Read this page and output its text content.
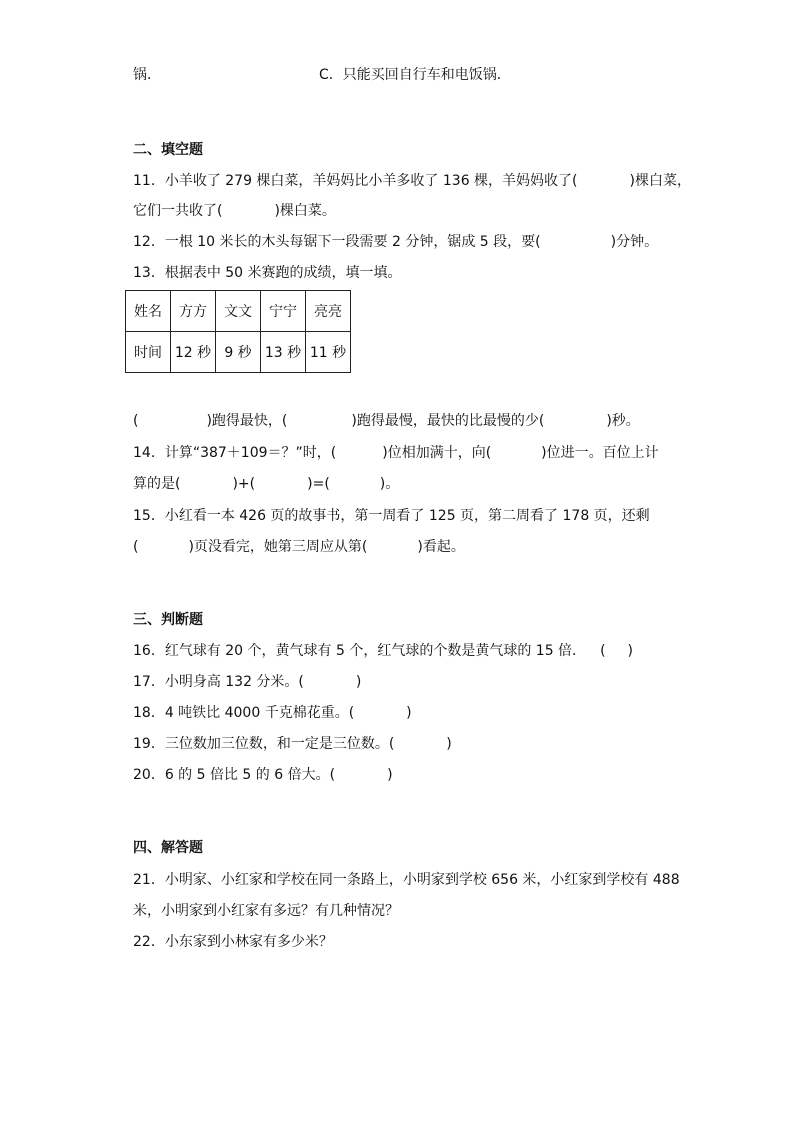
锅．	C．只能买回自行车和电饭锅．
二、填空题
11．小羊收了 279 棵白菜，羊妈妈比小羊多收了 136 棵，羊妈妈收了(	)棵白菜，
它们一共收了(	)棵白菜。
12．一根 10 米长的木头每锯下一段需要 2 分钟，锯成 5 段，要(	)分钟。
13．根据表中 50 米赛跑的成绩，填一填。
姓名	方方	文文	宁宁	亮亮
时间	12 秒	9 秒	13 秒	11 秒
(	)跑得最快，(	)跑得最慢，最快的比最慢的少(	)秒。
14．计算“387＋109＝？”时，(	)位相加满十，向(	)位进一。百位上计
算的是(	)+(	)=(	)。
15．小红看一本 426 页的故事书，第一周看了 125 页，第二周看了 178 页，还剩
(	)页没看完，她第三周应从第(	)看起。
三、判断题
16．红气球有 20 个，黄气球有 5 个，红气球的个数是黄气球的 15 倍． ( )
17．小明身高 132 分米。(	)
18．4 吨铁比 4000 千克棉花重。(	)
19．三位数加三位数，和一定是三位数。(	)
20．6 的 5 倍比 5 的 6 倍大。(	)
四、解答题
21．小明家、小红家和学校在同一条路上，小明家到学校 656 米，小红家到学校有 488
米，小明家到小红家有多远？有几种情况？
22．小东家到小林家有多少米？
